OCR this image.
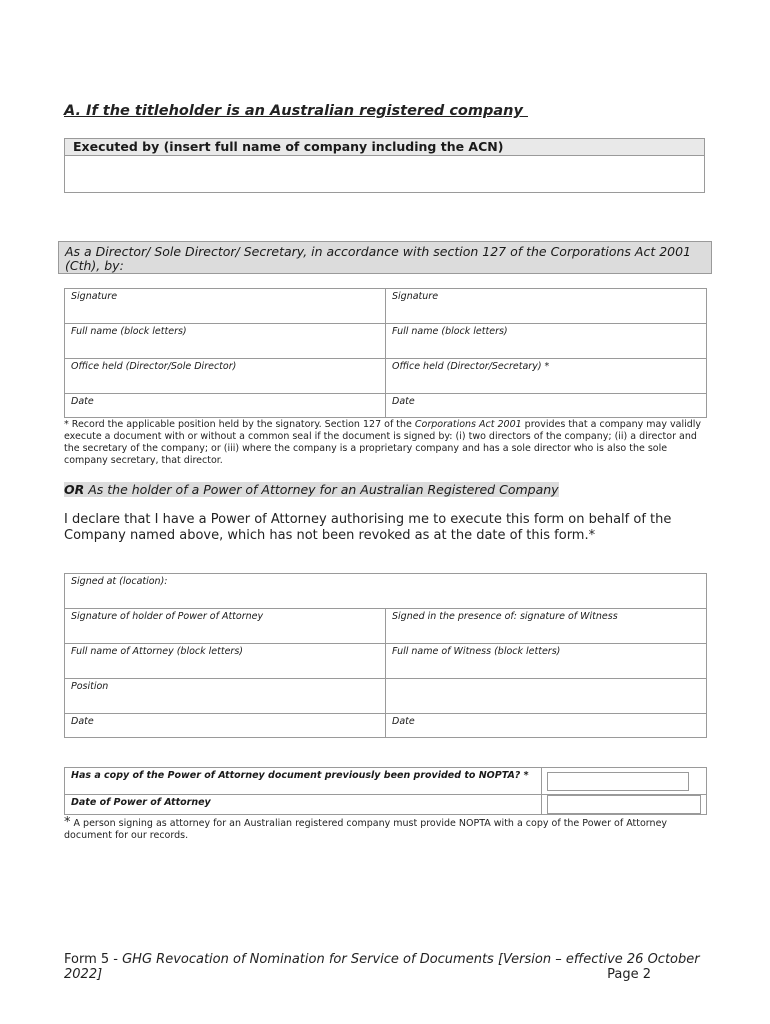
A. If the titleholder is an Australian registered company
Executed by (insert full name of company including the ACN)
As a Director/ Sole Director/ Secretary, in accordance with section 127 of the Corporations Act 2001 (Cth), by:
Signature	Signature
Full name (block letters)	Full name (block letters)
Office held (Director/Sole Director)	Office held (Director/Secretary) *
Date	Date
* Record the applicable position held by the signatory. Section 127 of the Corporations Act 2001 provides that a company may validly execute a document with or without a common seal if the document is signed by: (i) two directors of the company; (ii) a director and the secretary of the company; or (iii) where the company is a proprietary company and has a sole director who is also the sole company secretary, that director.
OR As the holder of a Power of Attorney for an Australian Registered Company
I declare that I have a Power of Attorney authorising me to execute this form on behalf of the Company named above, which has not been revoked as at the date of this form.*
Signed at (location):	
Signature of holder of Power of Attorney	Signed in the presence of: signature of Witness
Full name of Attorney (block letters)	Full name of Witness (block letters)
Position	
Date	Date
Has a copy of the Power of Attorney document previously been provided to NOPTA? *	

Date of Power of Attorney	
* A person signing as attorney for an Australian registered company must provide NOPTA with a copy of the Power of Attorney document for our records.
Form 5 - GHG Revocation of Nomination for Service of Documents [Version – effective 26 October 2022]	Page 2
